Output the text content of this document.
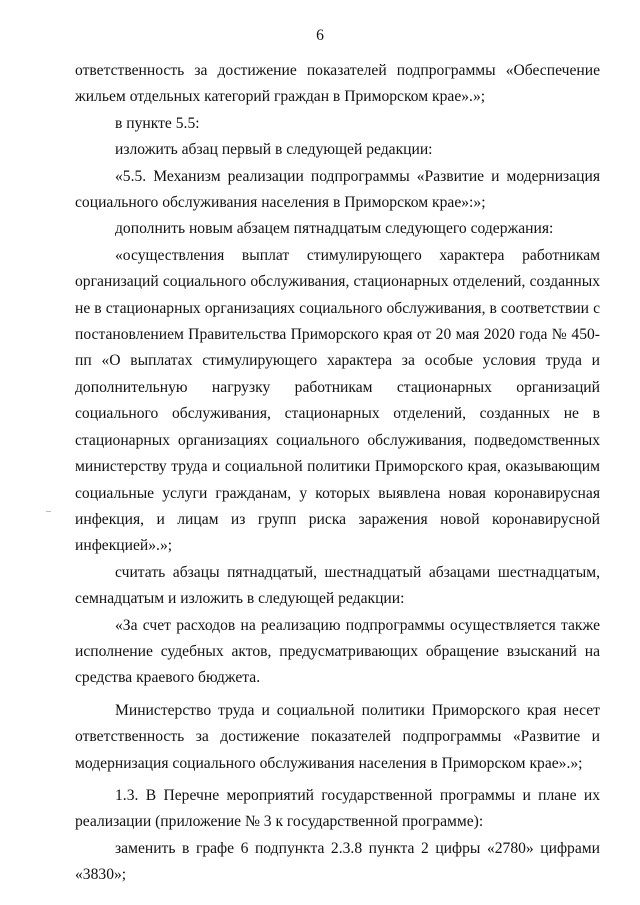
6

ответственность за достижение показателей подпрограммы «Обеспечение жильем отдельных категорий граждан в Приморском крае».»;

в пункте 5.5:

изложить абзац первый в следующей редакции:

«5.5. Механизм реализации подпрограммы «Развитие и модернизация социального обслуживания населения в Приморском крае»:»;

дополнить новым абзацем пятнадцатым следующего содержания:

«осуществления выплат стимулирующего характера работникам организаций социального обслуживания, стационарных отделений, созданных не в стационарных организациях социального обслуживания, в соответствии с постановлением Правительства Приморского края от 20 мая 2020 года № 450-пп «О выплатах стимулирующего характера за особые условия труда и дополнительную нагрузку работникам стационарных организаций социального обслуживания, стационарных отделений, созданных не в стационарных организациях социального обслуживания, подведомственных министерству труда и социальной политики Приморского края, оказывающим социальные услуги гражданам, у которых выявлена новая коронавирусная инфекция, и лицам из групп риска заражения новой коронавирусной инфекцией».»;

считать абзацы пятнадцатый, шестнадцатый абзацами шестнадцатым, семнадцатым и изложить в следующей редакции:

«За счет расходов на реализацию подпрограммы осуществляется также исполнение судебных актов, предусматривающих обращение взысканий на средства краевого бюджета.

Министерство труда и социальной политики Приморского края несет ответственность за достижение показателей подпрограммы «Развитие и модернизация социального обслуживания населения в Приморском крае».»;

1.3. В Перечне мероприятий государственной программы и плане их реализации (приложение № 3 к государственной программе):

заменить в графе 6 подпункта 2.3.8 пункта 2 цифры «2780» цифрами «3830»;
